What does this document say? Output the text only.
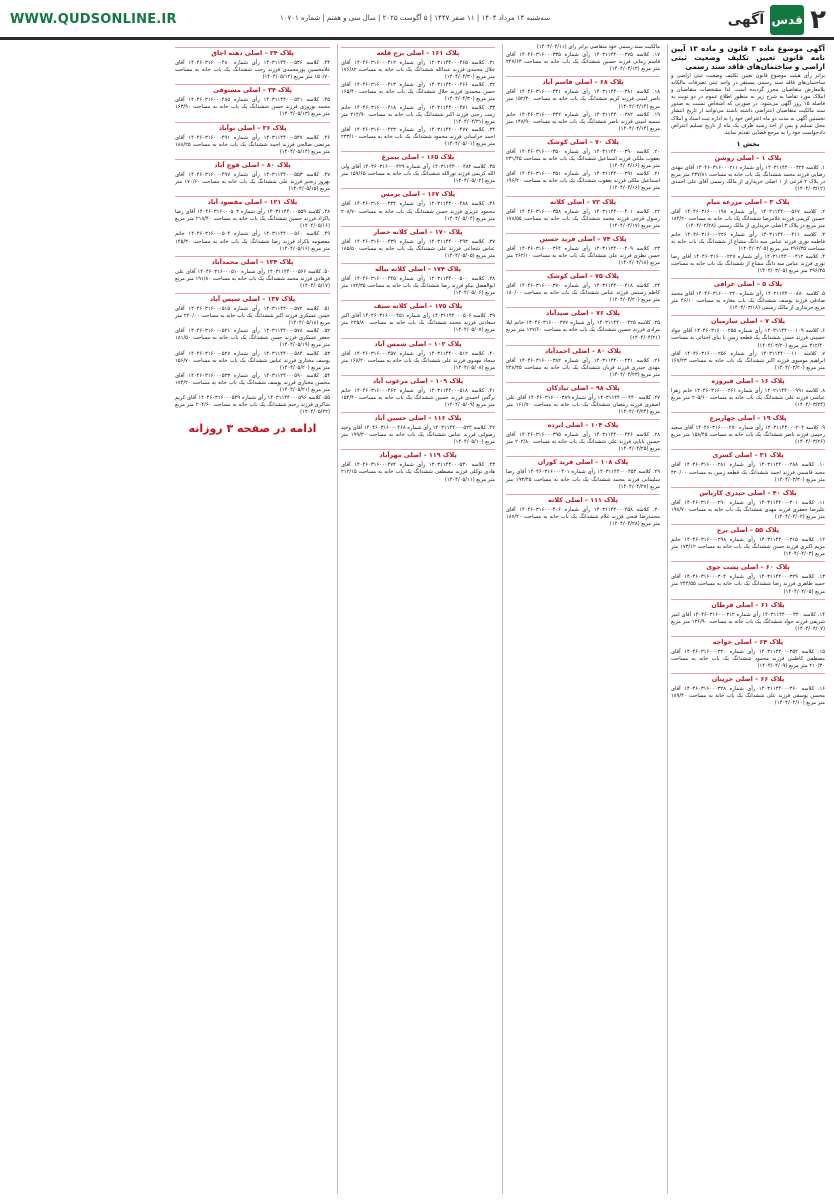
WWW.QUDSONLINE.IR	سه‌شنبه ۱۴ مرداد ۱۴۰۴ | ۱۱ صفر ۱۴۴۷ | ۵ آگوست ۲۰۲۵ | سال سی و هفتم | شماره ۱۰۷۰۱	۲
قدس
آگهی
آگهی موضوع ماده ۳ قانون و ماده ۱۳ آیین نامه قانون تعیین تکلیف وضعیت ثبتی اراضی و ساختمان‌های فاقد سند رسمی
برابر رأی هیئت موضوع قانون تعیین تکلیف وضعیت ثبتی اراضی و ساختمان‌های فاقد سند رسمی مستقر در واحد ثبتی تصرفات مالکانه بلامعارض متقاضیان محرز گردیده است. لذا مشخصات متقاضیان و املاک مورد تقاضا به شرح زیر به منظور اطلاع عموم در دو نوبت به فاصله ۱۵ روز آگهی می‌شود. در صورتی که اشخاص نسبت به صدور سند مالکیت متقاضیان اعتراضی داشته باشند می‌توانند از تاریخ انتشار نخستین آگهی به مدت دو ماه اعتراض خود را به اداره ثبت اسناد و املاک محل تسلیم و پس از اخذ رسید ظرف یک ماه از تاریخ تسلیم اعتراض دادخواست خود را به مرجع قضایی تقدیم نمایند.
بخش ۱
پلاک ۱ – اصلی روشن
۱. کلاسه ۱۴۰۳۱۱۴۴۰۰۰۳۲۲ رأی شماره ۱۴۰۴۶۰۳۱۶۰۰۰۲۱۱ آقای مهدی رضایی فرزند محمد ششدانگ یک باب خانه به مساحت ۲۳۷/۸۱ متر مربع در پلاک ۲ فرعی از ۱ اصلی خریداری از مالک رسمی آقای علی احمدی (۱۴۰۴/۰۳/۱۲)
پلاک ۳ – اصلی مزرعه میام
۲. کلاسه ۱۴۰۲۱۱۴۴۰۰۰۵۶۷ رأی شماره ۱۴۰۴۶۰۳۱۶۰۰۰۱۹۸ آقای حسین کریمی فرزند غلامرضا ششدانگ یک باب خانه به مساحت ۱۸۴/۲۰ متر مربع در پلاک ۳ اصلی خریداری از مالک رسمی (۱۴۰۴/۰۲/۲۸)
۳. کلاسه ۱۴۰۳۱۱۴۴۰۰۰۴۱۱ رأی شماره ۱۴۰۴۶۰۳۱۶۰۰۰۲۲۶ خانم فاطمه نوری فرزند عباس سه دانگ مشاع از ششدانگ یک باب خانه به مساحت ۲۹۶/۳۵ متر مربع (۱۴۰۴/۰۳/۰۵)
۴. کلاسه ۱۴۰۳۱۱۴۴۰۰۰۴۱۲ رأی شماره ۱۴۰۴۶۰۳۱۶۰۰۰۲۲۷ آقای رضا نوری فرزند عباس سه دانگ مشاع از ششدانگ یک باب خانه به مساحت ۲۹۶/۳۵ متر مربع (۱۴۰۴/۰۳/۰۵)
پلاک ۵ – اصلی عراقی
۵. کلاسه ۱۴۰۲۱۱۴۴۰۰۰۸۸۰ رأی شماره ۱۴۰۴۶۰۳۱۶۰۰۰۲۴۰ آقای محمد صادقی فرزند یوسف ششدانگ یک باب مغازه به مساحت ۴۶/۱۰ متر مربع خریداری از مالک رسمی (۱۴۰۴/۰۳/۱۸)
پلاک ۷ – اصلی سارمیان
۶. کلاسه ۱۴۰۳۱۱۴۴۰۰۰۱۰۹ رأی شماره ۱۴۰۴۶۰۳۱۶۰۰۰۲۵۵ آقای جواد حسینی فرزند حسن ششدانگ یک قطعه زمین با بنای احداثی به مساحت ۳۱۲/۴۰ متر مربع (۱۴۰۴/۰۳/۲۰)
۷. کلاسه ۱۴۰۳۱۱۴۴۰۰۰۱۱۰ رأی شماره ۱۴۰۴۶۰۳۱۶۰۰۰۲۵۶ آقای ابراهیم موسوی فرزند اکبر ششدانگ یک باب خانه به مساحت ۱۶۷/۲۳ متر مربع (۱۴۰۴/۰۳/۲۰)
پلاک ۱۶ – اصلی فیروزه
۸. کلاسه ۱۴۰۲۱۱۴۴۰۰۰۹۹۱ رأی شماره ۱۴۰۴۶۰۳۱۶۰۰۰۲۶۱ خانم زهرا عباسی فرزند علی ششدانگ یک باب خانه به مساحت ۲۰۵/۶۰ متر مربع (۱۴۰۴/۰۳/۲۴)
پلاک ۱۹ – اصلی چهاربرج
۹. کلاسه ۱۴۰۳۱۱۴۴۰۰۰۲۰۴ رأی شماره ۱۴۰۴۶۰۳۱۶۰۰۰۲۷۰ آقای سعید رحیمی فرزند ناصر ششدانگ یک باب خانه به مساحت ۱۵۸/۴۵ متر مربع (۱۴۰۴/۰۳/۲۶)
پلاک ۳۱ – اصلی کسری
۱۰. کلاسه ۱۴۰۳۱۱۴۴۰۰۰۲۸۸ رأی شماره ۱۴۰۴۶۰۳۱۶۰۰۰۲۸۱ آقای مجید قاسمی فرزند احمد ششدانگ یک قطعه زمین به مساحت ۴۲۰/۰۰ متر مربع (۱۴۰۴/۰۳/۳۰)
پلاک ۴۰ – اصلی حیدری کارباس
۱۱. کلاسه ۱۴۰۳۱۱۴۴۰۰۰۳۰۱ رأی شماره ۱۴۰۴۶۰۳۱۶۰۰۰۲۹۰ آقای علیرضا جعفری فرزند مهدی ششدانگ یک باب خانه به مساحت ۱۹۸/۷۰ متر مربع (۱۴۰۴/۰۴/۰۲)
پلاک ۵۵ – اصلی برج
۱۲. کلاسه ۱۴۰۳۱۱۴۴۰۰۰۳۱۵ رأی شماره ۱۴۰۴۶۰۳۱۶۰۰۰۲۹۸ خانم مریم اکبری فرزند حسن ششدانگ یک باب خانه به مساحت ۱۷۳/۱۲ متر مربع (۱۴۰۴/۰۴/۰۳)
پلاک ۶۰ – اصلی پشت جوی
۱۳. کلاسه ۱۴۰۳۱۱۴۴۰۰۰۳۲۹ رأی شماره ۱۴۰۴۶۰۳۱۶۰۰۰۳۰۴ آقای حمید طاهری فرزند رضا ششدانگ یک باب خانه به مساحت ۲۴۴/۵۵ متر مربع (۱۴۰۴/۰۴/۰۵)
پلاک ۶۱ – اصلی فرطان
۱۴. کلاسه ۱۴۰۳۱۱۴۴۰۰۰۳۴۰ رأی شماره ۱۴۰۴۶۰۳۱۶۰۰۰۳۱۲ آقای امیر شریفی فرزند جواد ششدانگ یک باب خانه به مساحت ۱۳۶/۹۰ متر مربع (۱۴۰۴/۰۴/۰۷)
پلاک ۶۴ – اصلی خواجه
۱۵. کلاسه ۱۴۰۳۱۱۴۴۰۰۰۳۵۲ رأی شماره ۱۴۰۴۶۰۳۱۶۰۰۰۳۲۰ آقای مصطفی کاظمی فرزند محمود ششدانگ یک باب خانه به مساحت ۲۱۰/۳۰ متر مربع (۱۴۰۴/۰۴/۰۹)
پلاک ۶۶ – اصلی خزینان
۱۶. کلاسه ۱۴۰۳۱۱۴۴۰۰۰۳۶۰ رأی شماره ۱۴۰۴۶۰۳۱۶۰۰۰۳۲۸ آقای محسن یوسفی فرزند علی ششدانگ یک باب خانه به مساحت ۱۸۹/۴۰ متر مربع (۱۴۰۴/۰۴/۱۰)
مالکیت سند رسمی خود متقاضی برابر رأی (۱۴۰۴/۰۴/۱۱)
۱۷. کلاسه ۱۴۰۳۱۱۴۴۰۰۰۳۷۵ رأی شماره ۱۴۰۴۶۰۳۱۶۰۰۰۳۳۵ آقای قاسم زمانی فرزند حسین ششدانگ یک باب خانه به مساحت ۲۲۷/۶۴ متر مربع (۱۴۰۴/۰۴/۱۲)
پلاک ۶۸ – اصلی قاسم آباد
۱۸. کلاسه ۱۴۰۳۱۱۴۴۰۰۰۳۸۱ رأی شماره ۱۴۰۴۶۰۳۱۶۰۰۰۳۴۱ آقای ناصر امینی فرزند کریم ششدانگ یک باب خانه به مساحت ۱۵۲/۳۰ متر مربع (۱۴۰۴/۰۴/۱۴)
۱۹. کلاسه ۱۴۰۳۱۱۴۴۰۰۰۳۸۲ رأی شماره ۱۴۰۴۶۰۳۱۶۰۰۰۳۴۲ خانم سمیه امینی فرزند ناصر ششدانگ یک باب خانه به مساحت ۱۴۸/۹۰ متر مربع (۱۴۰۴/۰۴/۱۴)
پلاک ۷۰ – اصلی کوشک
۲۰. کلاسه ۱۴۰۳۱۱۴۴۰۰۰۳۹۰ رأی شماره ۱۴۰۴۶۰۳۱۶۰۰۰۳۵۰ آقای یعقوب ملکی فرزند اسماعیل ششدانگ یک باب خانه به مساحت ۲۳۱/۴۵ متر مربع (۱۴۰۴/۰۴/۱۶)
۲۱. کلاسه ۱۴۰۳۱۱۴۴۰۰۰۳۹۱ رأی شماره ۱۴۰۴۶۰۳۱۶۰۰۰۳۵۱ آقای اسماعیل ملکی فرزند یعقوب ششدانگ یک باب خانه به مساحت ۱۹۶/۲۰ متر مربع (۱۴۰۴/۰۴/۱۶)
پلاک ۷۲ – اصلی کلاته
۲۲. کلاسه ۱۴۰۳۱۱۴۴۰۰۰۴۰۱ رأی شماره ۱۴۰۴۶۰۳۱۶۰۰۰۳۵۸ آقای رسول فرجی فرزند محمد ششدانگ یک باب خانه به مساحت ۱۷۸/۵۵ متر مربع (۱۴۰۴/۰۴/۱۷)
پلاک ۷۴ – اصلی فرید حسین
۲۳. کلاسه ۱۴۰۳۱۱۴۴۰۰۰۴۰۹ رأی شماره ۱۴۰۴۶۰۳۱۶۰۰۰۳۶۴ آقای حسن نظری فرزند علی ششدانگ یک باب خانه به مساحت ۲۶۲/۱۰ متر مربع (۱۴۰۴/۰۴/۱۸)
پلاک ۷۵ – اصلی کوشک
۲۴. کلاسه ۱۴۰۳۱۱۴۴۰۰۰۴۱۸ رأی شماره ۱۴۰۴۶۰۳۱۶۰۰۰۳۷۰ آقای کاظم رستمی فرزند عباس ششدانگ یک باب خانه به مساحت ۱۸۰/۰۰ متر مربع (۱۴۰۴/۰۴/۲۰)
پلاک ۷۶ – اصلی صیدآباد
۲۵. کلاسه ۱۴۰۳۱۱۴۴۰۰۰۴۲۵ رأی شماره ۱۴۰۴۶۰۳۱۶۰۰۰۳۷۷ خانم لیلا مرادی فرزند حسین ششدانگ یک باب خانه به مساحت ۱۲۷/۶۰ متر مربع (۱۴۰۴/۰۴/۲۱)
پلاک ۸۰ – اصلی احمدآباد
۲۶. کلاسه ۱۴۰۳۱۱۴۴۰۰۰۴۳۱ رأی شماره ۱۴۰۴۶۰۳۱۶۰۰۰۳۸۲ آقای مهدی حیدری فرزند قربان ششدانگ یک باب خانه به مساحت ۲۴۸/۳۵ متر مربع (۱۴۰۴/۰۴/۲۳)
پلاک ۹۸ – اصلی تبادکان
۲۷. کلاسه ۱۴۰۳۱۱۴۴۰۰۰۴۴۰ رأی شماره ۱۴۰۴۶۰۳۱۶۰۰۰۳۸۹ آقای علی اصغری فرزند رمضان ششدانگ یک باب خانه به مساحت ۱۶۱/۷۰ متر مربع (۱۴۰۴/۰۴/۲۴)
پلاک ۱۰۴ – اصلی ابرده
۲۸. کلاسه ۱۴۰۳۱۱۴۴۰۰۰۴۴۶ رأی شماره ۱۴۰۴۶۰۳۱۶۰۰۰۳۹۵ آقای حسین بابایی فرزند علی ششدانگ یک باب خانه به مساحت ۲۰۲/۸۰ متر مربع (۱۴۰۴/۰۴/۲۵)
پلاک ۱۰۸ – اصلی فرید کوران
۲۹. کلاسه ۱۴۰۳۱۱۴۴۰۰۰۴۵۲ رأی شماره ۱۴۰۴۶۰۳۱۶۰۰۰۴۰۱ آقای رضا سلیمانی فرزند محمد ششدانگ یک باب خانه به مساحت ۱۹۳/۴۵ متر مربع (۱۴۰۴/۰۴/۲۷)
پلاک ۱۱۱ – اصلی کلاته
۳۰. کلاسه ۱۴۰۳۱۱۴۴۰۰۰۴۵۸ رأی شماره ۱۴۰۴۶۰۳۱۶۰۰۰۴۰۶ آقای محمدرضا فتحی فرزند غلام ششدانگ یک باب خانه به مساحت ۱۸۷/۲۰ متر مربع (۱۴۰۴/۰۴/۲۸)
پلاک ۱۶۱ – اصلی برج قلعه
۳۱. کلاسه ۱۴۰۳۱۱۴۴۰۰۰۴۶۵ رأی شماره ۱۴۰۴۶۰۳۱۶۰۰۰۴۱۲ آقای جلال محمدی فرزند عبدالله ششدانگ یک باب خانه به مساحت ۱۷۶/۸۲ متر مربع (۱۴۰۴/۰۴/۳۰)
۳۲. کلاسه ۱۴۰۳۱۱۴۴۰۰۰۴۶۶ رأی شماره ۱۴۰۴۶۰۳۱۶۰۰۰۴۱۳ آقای حسن محمدی فرزند جلال ششدانگ یک باب خانه به مساحت ۱۶۵/۴۰ متر مربع (۱۴۰۴/۰۴/۳۰)
۳۳. کلاسه ۱۴۰۳۱۱۴۴۰۰۰۴۷۱ رأی شماره ۱۴۰۴۶۰۳۱۶۰۰۰۴۱۸ خانم زینب رجبی فرزند اکبر ششدانگ یک باب خانه به مساحت ۲۱۴/۹۰ متر مربع (۱۴۰۴/۰۴/۳۱)
۳۴. کلاسه ۱۴۰۳۱۱۴۴۰۰۰۴۷۷ رأی شماره ۱۴۰۴۶۰۳۱۶۰۰۰۴۲۳ آقای احمد خراسانی فرزند محمود ششدانگ یک باب خانه به مساحت ۲۳۳/۱۰ متر مربع (۱۴۰۴/۰۵/۰۱)
پلاک ۱۶۵ – اصلی بیمرغ
۳۵. کلاسه ۱۴۰۳۱۱۴۴۰۰۰۴۸۲ رأی شماره ۱۴۰۴۶۰۳۱۶۰۰۰۴۲۹ آقای ولی الله کریمی فرزند نورالله ششدانگ یک باب خانه به مساحت ۱۵۹/۶۵ متر مربع (۱۴۰۴/۰۵/۰۲)
پلاک ۱۶۷ – اصلی برمس
۳۶. کلاسه ۱۴۰۳۱۱۴۴۰۰۰۴۸۸ رأی شماره ۱۴۰۴۶۰۳۱۶۰۰۰۴۳۴ آقای محمود عزیزی فرزند حسن ششدانگ یک باب خانه به مساحت ۲۰۸/۷۰ متر مربع (۱۴۰۴/۰۵/۰۴)
پلاک ۱۷۰ – اصلی کلاته حصار
۳۷. کلاسه ۱۴۰۳۱۱۴۴۰۰۰۴۹۳ رأی شماره ۱۴۰۴۶۰۳۱۶۰۰۰۴۳۹ آقای عباس شجاعی فرزند علی ششدانگ یک باب خانه به مساحت ۱۸۵/۵۰ متر مربع (۱۴۰۴/۰۵/۰۵)
پلاک ۱۷۴ – اصلی کلاته بیاله
۳۸. کلاسه ۱۴۰۳۱۱۴۴۰۰۰۵۰۰ رأی شماره ۱۴۰۴۶۰۳۱۶۰۰۰۴۴۵ آقای ابوالفضل نیکو فرزند رضا ششدانگ یک باب خانه به مساحت ۱۷۲/۳۵ متر مربع (۱۴۰۴/۰۵/۰۶)
پلاک ۱۷۵ – اصلی کلاته سیف
۳۹. کلاسه ۱۴۰۳۱۱۴۴۰۰۰۵۰۶ رأی شماره ۱۴۰۴۶۰۳۱۶۰۰۰۴۵۱ آقای اکبر سعادتی فرزند محمد ششدانگ یک باب خانه به مساحت ۲۲۵/۸۰ متر مربع (۱۴۰۴/۰۵/۰۷)
پلاک ۱۰۲ – اصلی شمس آباد
۴۰. کلاسه ۱۴۰۳۱۱۴۴۰۰۰۵۱۲ رأی شماره ۱۴۰۴۶۰۳۱۶۰۰۰۴۵۷ آقای سجاد مهدوی فرزند علی ششدانگ یک باب خانه به مساحت ۱۶۸/۲۰ متر مربع (۱۴۰۴/۰۵/۰۸)
پلاک ۱۰۹ – اصلی مرغوب آباد
۴۱. کلاسه ۱۴۰۳۱۱۴۴۰۰۰۵۱۸ رأی شماره ۱۴۰۴۶۰۳۱۶۰۰۰۴۶۲ خانم نرگس احمدی فرزند حسین ششدانگ یک باب خانه به مساحت ۱۵۴/۴۰ متر مربع (۱۴۰۴/۰۵/۰۹)
پلاک ۱۱۶ – اصلی حسین آباد
۴۲. کلاسه ۱۴۰۳۱۱۴۴۰۰۰۵۲۴ رأی شماره ۱۴۰۴۶۰۳۱۶۰۰۰۴۶۸ آقای وحید رضوانی فرزند عباس ششدانگ یک باب خانه به مساحت ۱۹۹/۳۰ متر مربع (۱۴۰۴/۰۵/۱۰)
پلاک ۱۱۹ – اصلی مهرآباد
۴۳. کلاسه ۱۴۰۳۱۱۴۴۰۰۰۵۳۰ رأی شماره ۱۴۰۴۶۰۳۱۶۰۰۰۴۷۴ آقای هادی توکلی فرزند مصطفی ششدانگ یک باب خانه به مساحت ۲۱۲/۱۵ متر مربع (۱۴۰۴/۰۵/۱۱)
پلاک ۲۴ – اصلی دهنه اجاق
۴۴. کلاسه ۱۴۰۳۱۱۴۴۰۰۰۵۳۶ رأی شماره ۱۴۰۴۶۰۳۱۶۰۰۰۴۸۰ آقای غلامحسین پورمحمدی فرزند رجب ششدانگ یک باب خانه به مساحت ۱۵۰/۷۰ متر مربع (۱۴۰۴/۰۵/۱۲)
پلاک ۳۴ – اصلی مستوفی
۴۵. کلاسه ۱۴۰۳۱۱۴۴۰۰۰۵۴۱ رأی شماره ۱۴۰۴۶۰۳۱۶۰۰۰۴۸۵ آقای محمد نوروزی فرزند حسن ششدانگ یک باب خانه به مساحت ۱۶۳/۹۰ متر مربع (۱۴۰۴/۰۵/۱۳)
پلاک ۳۶ – اصلی نوآباد
۴۶. کلاسه ۱۴۰۳۱۱۴۴۰۰۰۵۴۷ رأی شماره ۱۴۰۴۶۰۳۱۶۰۰۰۴۹۱ آقای مرتضی صالحی فرزند احمد ششدانگ یک باب خانه به مساحت ۱۸۸/۲۵ متر مربع (۱۴۰۴/۰۵/۱۴)
پلاک ۸۰ – اصلی قوچ آباد
۴۷. کلاسه ۱۴۰۳۱۱۴۴۰۰۰۵۵۳ رأی شماره ۱۴۰۴۶۰۳۱۶۰۰۰۴۹۷ آقای بهروز رنجبر فرزند علی ششدانگ یک باب خانه به مساحت ۱۷۰/۶۰ متر مربع (۱۴۰۴/۰۵/۱۵)
پلاک ۱۲۱ – اصلی مقصود آباد
۴۸. کلاسه ۱۴۰۳۱۱۴۴۰۰۰۵۵۹ رأی شماره ۱۴۰۴۶۰۳۱۶۰۰۰۵۰۳ آقای رضا پاکزاد فرزند حسین ششدانگ یک باب خانه به مساحت ۲۱۸/۴۰ متر مربع (۱۴۰۴/۰۵/۱۶)
۴۹. کلاسه ۱۴۰۳۱۱۴۴۰۰۰۵۶۰ رأی شماره ۱۴۰۴۶۰۳۱۶۰۰۰۵۰۴ خانم معصومه پاکزاد فرزند رضا ششدانگ یک باب خانه به مساحت ۱۴۵/۳۰ متر مربع (۱۴۰۴/۰۵/۱۶)
پلاک ۱۳۴ – اصلی محمدآباد
۵۰. کلاسه ۱۴۰۳۱۱۴۴۰۰۰۵۶۶ رأی شماره ۱۴۰۴۶۰۳۱۶۰۰۰۵۱۰ آقای علی فرهادی فرزند محمد ششدانگ یک باب خانه به مساحت ۱۹۱/۸۰ متر مربع (۱۴۰۴/۰۵/۱۷)
پلاک ۱۳۷ – اصلی سیس آباد
۵۱. کلاسه ۱۴۰۳۱۱۴۴۰۰۰۵۷۲ رأی شماره ۱۴۰۴۶۰۳۱۶۰۰۰۵۱۵ آقای حسن عسکری فرزند اکبر ششدانگ یک باب خانه به مساحت ۲۲۰/۰۰ متر مربع (۱۴۰۴/۰۵/۱۸)
۵۲. کلاسه ۱۴۰۳۱۱۴۴۰۰۰۵۷۸ رأی شماره ۱۴۰۴۶۰۳۱۶۰۰۰۵۲۱ آقای جعفر عسکری فرزند حسن ششدانگ یک باب خانه به مساحت ۱۸۱/۵۰ متر مربع (۱۴۰۴/۰۵/۱۹)
۵۳. کلاسه ۱۴۰۳۱۱۴۴۰۰۰۵۸۴ رأی شماره ۱۴۰۴۶۰۳۱۶۰۰۰۵۲۷ آقای یوسف مختاری فرزند عباس ششدانگ یک باب خانه به مساحت ۱۵۶/۷۰ متر مربع (۱۴۰۴/۰۵/۲۰)
۵۴. کلاسه ۱۴۰۳۱۱۴۴۰۰۰۵۹۰ رأی شماره ۱۴۰۴۶۰۳۱۶۰۰۰۵۳۳ آقای محسن مختاری فرزند یوسف ششدانگ یک باب خانه به مساحت ۱۷۴/۲۰ متر مربع (۱۴۰۴/۰۵/۲۱)
۵۵. کلاسه ۱۴۰۳۱۱۴۴۰۰۰۵۹۶ رأی شماره ۱۴۰۴۶۰۳۱۶۰۰۰۵۳۹ آقای کریم شاکری فرزند رحیم ششدانگ یک باب خانه به مساحت ۲۰۴/۶۰ متر مربع (۱۴۰۴/۰۵/۲۲)
ادامه در صفحه ۳ روزانه
